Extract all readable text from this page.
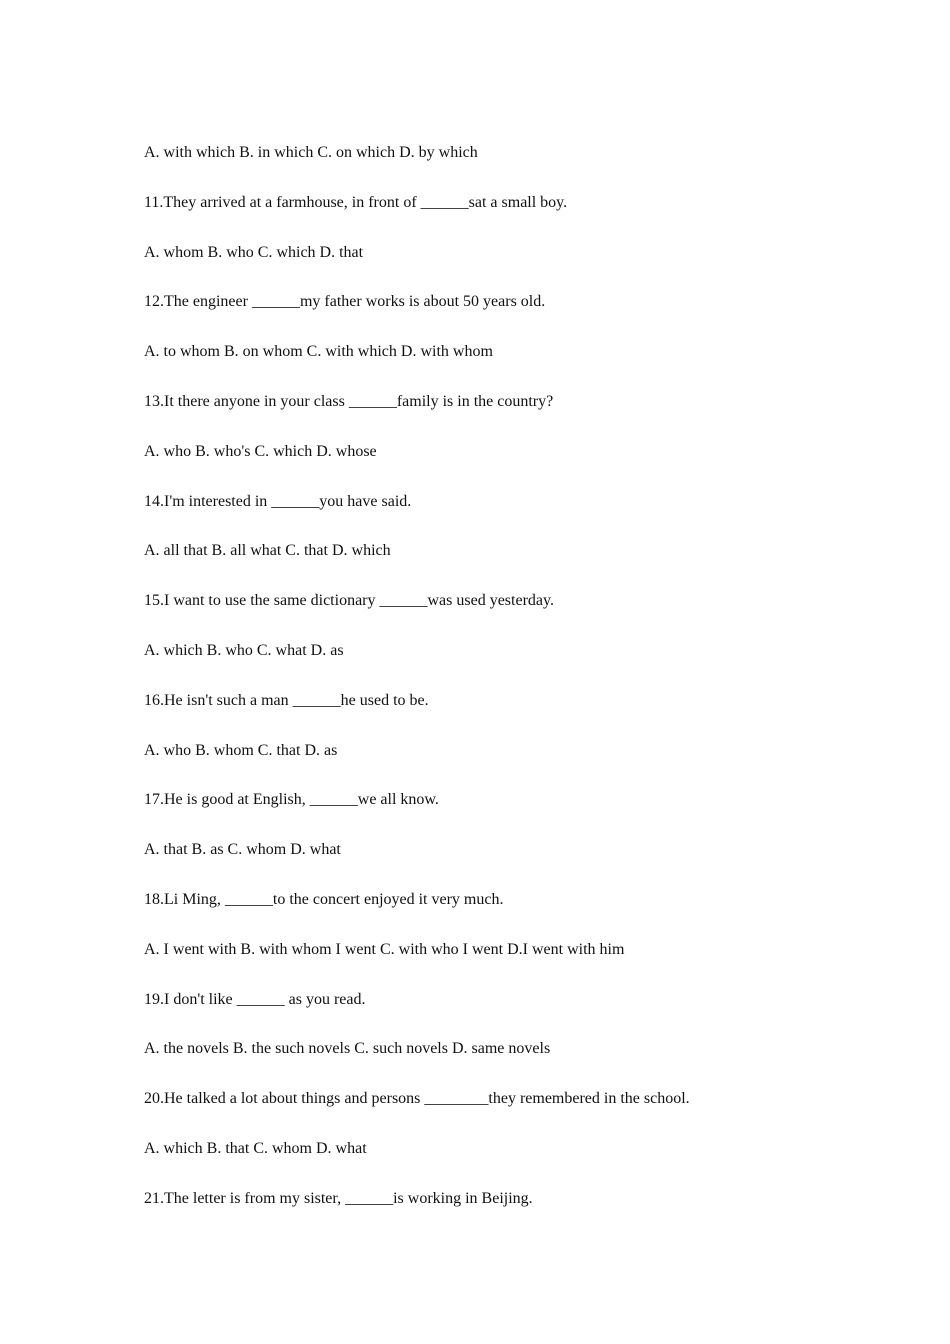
A. with which B. in which C. on which D. by which
11.They arrived at a farmhouse, in front of ______sat a small boy.
A. whom B. who C. which D. that
12.The engineer ______my father works is about 50 years old.
A. to whom B. on whom C. with which D. with whom
13.It there anyone in your class ______family is in the country?
A. who B. who's C. which D. whose
14.I'm interested in ______you have said.
A. all that B. all what C. that D. which
15.I want to use the same dictionary ______was used yesterday.
A. which B. who C. what D. as
16.He isn't such a man ______he used to be.
A. who B. whom C. that D. as
17.He is good at English, ______we all know.
A. that B. as C. whom D. what
18.Li Ming, ______to the concert enjoyed it very much.
A. I went with B. with whom I went C. with who I went D.I went with him
19.I don't like ______ as you read.
A. the novels B. the such novels C. such novels D. same novels
20.He talked a lot about things and persons ________they remembered in the school.
A. which B. that C. whom D. what
21.The letter is from my sister, ______is working in Beijing.
